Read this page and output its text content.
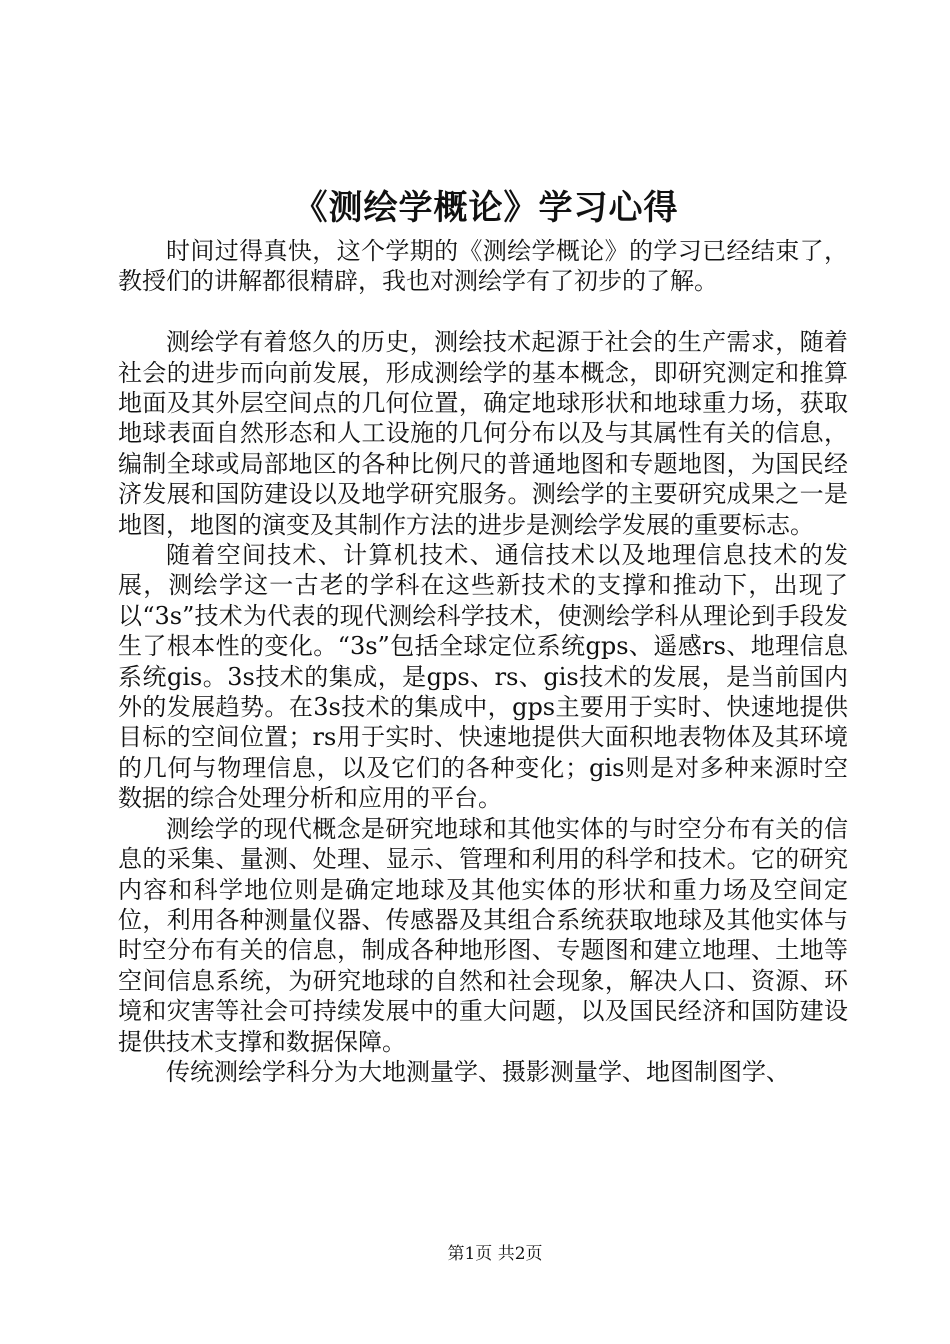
《测绘学概论》学习心得

时间过得真快，这个学期的《测绘学概论》的学习已经结束了，教授们的讲解都很精辟，我也对测绘学有了初步的了解。

测绘学有着悠久的历史，测绘技术起源于社会的生产需求，随着社会的进步而向前发展，形成测绘学的基本概念，即研究测定和推算地面及其外层空间点的几何位置，确定地球形状和地球重力场，获取地球表面自然形态和人工设施的几何分布以及与其属性有关的信息，编制全球或局部地区的各种比例尺的普通地图和专题地图，为国民经济发展和国防建设以及地学研究服务。测绘学的主要研究成果之一是地图，地图的演变及其制作方法的进步是测绘学发展的重要标志。

随着空间技术、计算机技术、通信技术以及地理信息技术的发展，测绘学这一古老的学科在这些新技术的支撑和推动下，出现了以“3s”技术为代表的现代测绘科学技术，使测绘学科从理论到手段发生了根本性的变化。“3s”包括全球定位系统gps、遥感rs、地理信息系统gis。3s技术的集成，是gps、rs、gis技术的发展，是当前国内外的发展趋势。在3s技术的集成中，gps主要用于实时、快速地提供目标的空间位置；rs用于实时、快速地提供大面积地表物体及其环境的几何与物理信息，以及它们的各种变化；gis则是对多种来源时空数据的综合处理分析和应用的平台。

测绘学的现代概念是研究地球和其他实体的与时空分布有关的信息的采集、量测、处理、显示、管理和利用的科学和技术。它的研究内容和科学地位则是确定地球及其他实体的形状和重力场及空间定位，利用各种测量仪器、传感器及其组合系统获取地球及其他实体与时空分布有关的信息，制成各种地形图、专题图和建立地理、土地等空间信息系统，为研究地球的自然和社会现象，解决人口、资源、环境和灾害等社会可持续发展中的重大问题，以及国民经济和国防建设提供技术支撑和数据保障。

传统测绘学科分为大地测量学、摄影测量学、地图制图学、

第1页 共2页
